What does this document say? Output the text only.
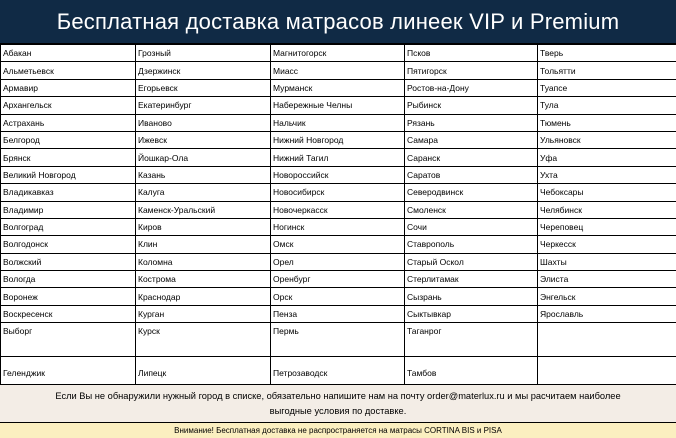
Бесплатная доставка матрасов линеек VIP и Premium
Абакан	Грозный	Магнитогорск	Псков	Тверь
Альметьевск	Дзержинск	Миасс	Пятигорск	Тольятти
Армавир	Егорьевск	Мурманск	Ростов-на-Дону	Туапсе
Архангельск	Екатеринбург	Набережные Челны	Рыбинск	Тула
Астрахань	Иваново	Нальчик	Рязань	Тюмень
Белгород	Ижевск	Нижний Новгород	Самара	Ульяновск
Брянск	Йошкар-Ола	Нижний Тагил	Саранск	Уфа
Великий Новгород	Казань	Новороссийск	Саратов	Ухта
Владикавказ	Калуга	Новосибирск	Северодвинск	Чебоксары
Владимир	Каменск-Уральский	Новочеркасск	Смоленск	Челябинск
Волгоград	Киров	Ногинск	Сочи	Череповец
Волгодонск	Клин	Омск	Ставрополь	Черкесск
Волжский	Коломна	Орел	Старый Оскол	Шахты
Вологда	Кострома	Оренбург	Стерлитамак	Элиста
Воронеж	Краснодар	Орск	Сызрань	Энгельск
Воскресенск	Курган	Пенза	Сыктывкар	Ярославль
Выборг	Курск	Пермь	Таганрог	
Геленджик	Липецк	Петрозаводск	Тамбов	
Если Вы не обнаружили нужный город в списке, обязательно напишите нам на почту order@materlux.ru и мы расчитаем наиболее выгодные условия по доставке.
Внимание! Бесплатная доставка не распространяется на матрасы CORTINA BIS и PISA
